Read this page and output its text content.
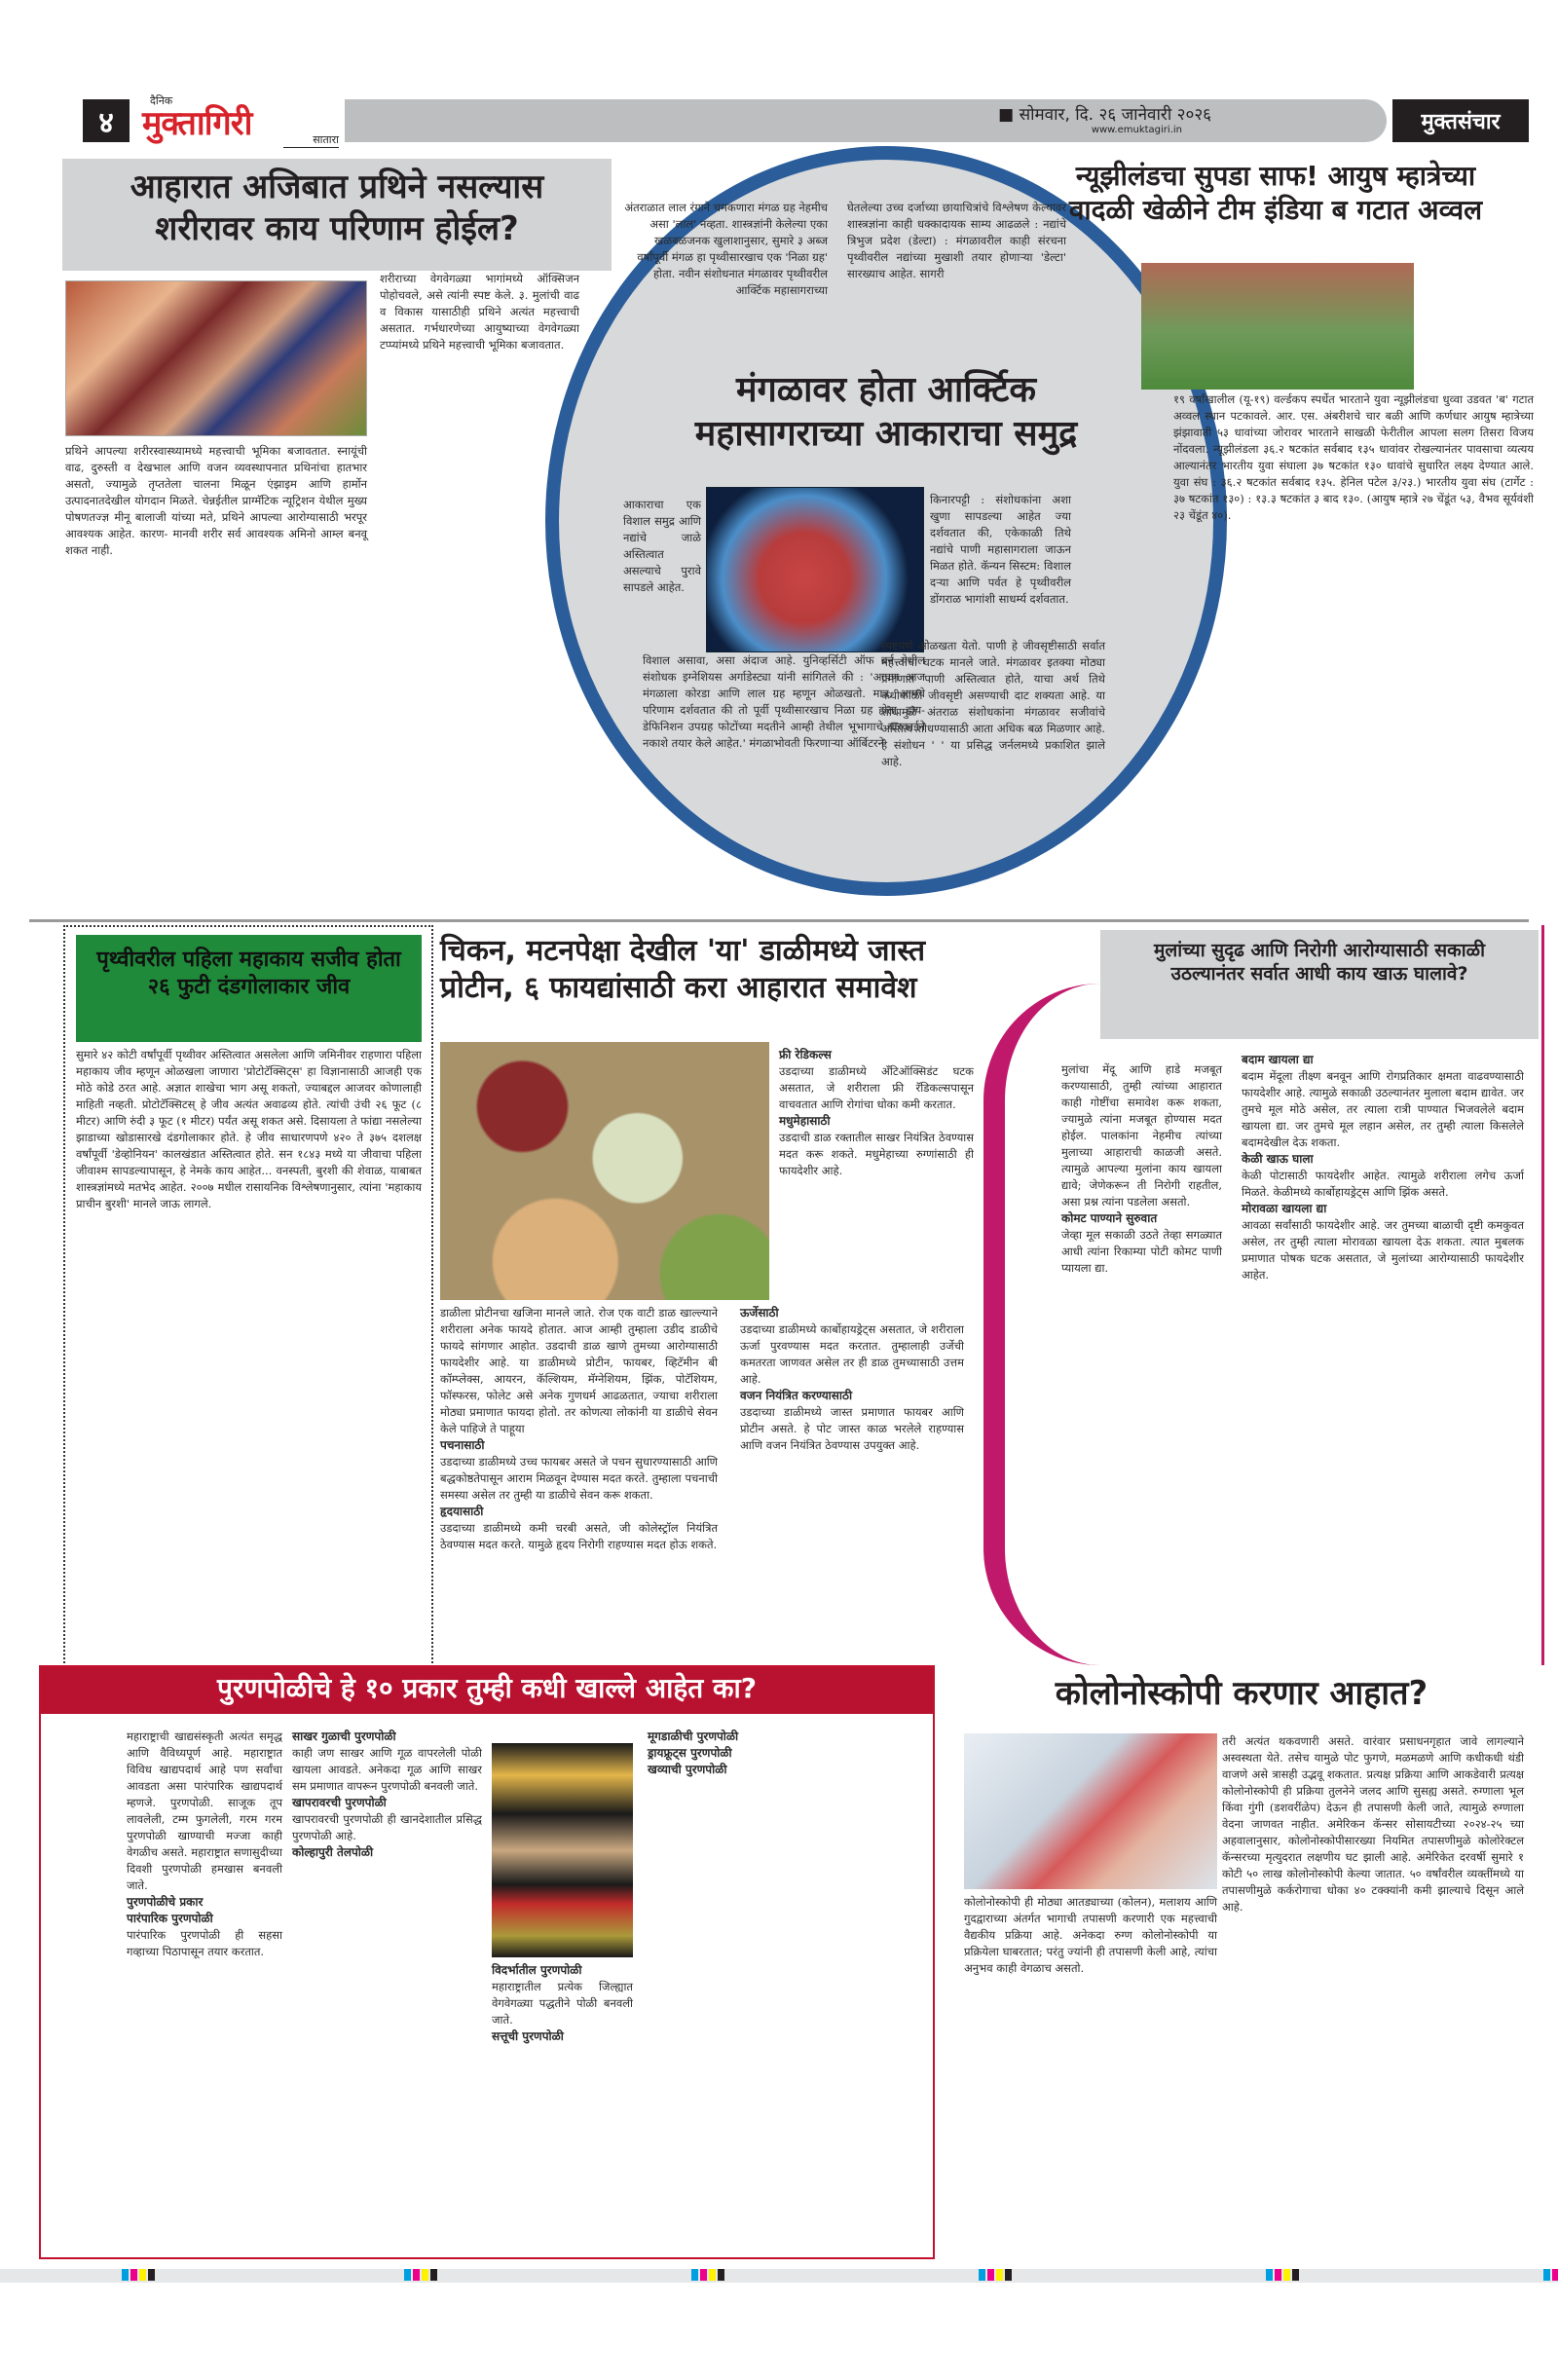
४
दैनिक
मुक्तागिरी	सातारा
■ सोमवार, दि. २६ जानेवारी २०२६
www.emuktagiri.in	मुक्तसंचार
आहारात अजिबात प्रथिने नसल्यास
शरीरावर काय परिणाम होईल?
प्रथिने आपल्या शरीरस्वास्थ्यामध्ये महत्त्वाची भूमिका बजावतात. स्नायूंची वाढ, दुरुस्ती व देखभाल आणि वजन व्यवस्थापनात प्रथिनांचा हातभार असतो, ज्यामुळे तृप्ततेला चालना मिळून एंझाइम आणि हार्मोन उत्पादनातदेखील योगदान मिळते. चेन्नईतील प्राग्मॅटिक न्यूट्रिशन येथील मुख्य पोषणतज्ज्ञ मीनू बालाजी यांच्या मते, प्रथिने आपल्या आरोग्यासाठी भरपूर आवश्यक आहेत. कारण- मानवी शरीर सर्व आवश्यक अमिनो आम्ल बनवू शकत नाही.
शरीराच्या वेगवेगळ्या भागांमध्ये ऑक्सिजन पोहोचवले, असे त्यांनी स्पष्ट केले. ३. मुलांची वाढ व विकास यासाठीही प्रथिने अत्यंत महत्त्वाची असतात. गर्भधारणेच्या आयुष्याच्या वेगवेगळ्या टप्प्यांमध्ये प्रथिने महत्त्वाची भूमिका बजावतात.
अंतराळात लाल रंगाने चमकणारा मंगळ ग्रह नेहमीच असा 'लाल' नव्हता. शास्त्रज्ञांनी केलेल्या एका खळबळजनक खुलाशानुसार, सुमारे ३ अब्ज वर्षांपूर्वी मंगळ हा पृथ्वीसारखाच एक 'निळा ग्रह' होता. नवीन संशोधनात मंगळावर पृथ्वीवरील आर्क्टिक महासागराच्या
घेतलेल्या उच्च दर्जाच्या छायाचित्रांचे विश्लेषण केल्यावर शास्त्रज्ञांना काही धक्कादायक साम्य आढळले : नद्यांचे त्रिभुज प्रदेश (डेल्टा) : मंगळावरील काही संरचना पृथ्वीवरील नद्यांच्या मुखाशी तयार होणाऱ्या 'डेल्टा' सारख्याच आहेत. सागरी
मंगळावर होता आर्क्टिक
महासागराच्या आकाराचा समुद्र
आकाराचा एक विशाल समुद्र आणि नद्यांचे जाळे अस्तित्वात असल्याचे पुरावे सापडले आहेत.
किनारपट्टी : संशोधकांना अशा खुणा सापडल्या आहेत ज्या दर्शवतात की, एकेकाळी तिथे नद्यांचे पाणी महासागराला जाऊन मिळत होते. कॅन्यन सिस्टम: विशाल दऱ्या आणि पर्वत हे पृथ्वीवरील डोंगराळ भागांशी साधर्म्य दर्शवतात.
विशाल असावा, असा अंदाज आहे. युनिव्हर्सिटी ऑफ बर्न येथील संशोधक इग्नेशियस अर्गाडेस्ट्या यांनी सांगितले की : 'आपण आज मंगळाला कोरडा आणि लाल ग्रह म्हणून ओळखतो. मात्र, आमचे परिणाम दर्शवतात की तो पूर्वी पृथ्वीसारखाच निळा ग्रह होता. हाय-डेफिनिशन उपग्रह फोटोंच्या मदतीने आम्ही तेथील भूभागाचे बारकाईने नकाशे तयार केले आहेत.' मंगळाभोवती फिरणाऱ्या ऑर्बिटरने
स्पष्टपणे ओळखता येतो. पाणी हे जीवसृष्टीसाठी सर्वात महत्त्वाचा घटक मानले जाते. मंगळावर इतक्या मोठ्या प्रमाणात पाणी अस्तित्वात होते, याचा अर्थ तिथे कधीकाळी जीवसृष्टी असण्याची दाट शक्यता आहे. या शोधामुळे अंतराळ संशोधकांना मंगळावर सजीवांचे अस्तित्व शोधण्यासाठी आता अधिक बळ मिळणार आहे. हे संशोधन ' ' या प्रसिद्ध जर्नलमध्ये प्रकाशित झाले आहे.
न्यूझीलंडचा सुपडा साफ! आयुष म्हात्रेच्या
वादळी खेळीने टीम इंडिया ब गटात अव्वल
१९ वर्षांखालील (यू-१९) वर्ल्डकप स्पर्धेत भारताने युवा न्यूझीलंडचा धुव्वा उडवत 'ब' गटात अव्वल स्थान पटकावले. आर. एस. अंबरीशचे चार बळी आणि कर्णधार आयुष म्हात्रेच्या झंझावाती ५३ धावांच्या जोरावर भारताने साखळी फेरीतील आपला सलग तिसरा विजय नोंदवला. न्यूझीलंडला ३६.२ षटकांत सर्वबाद १३५ धावांवर रोखल्यानंतर पावसाचा व्यत्यय आल्यानंतर भारतीय युवा संघाला ३७ षटकांत १३० धावांचे सुधारित लक्ष्य देण्यात आले. युवा संघ : ३६.२ षटकांत सर्वबाद १३५. हेनिल पटेल ३/२३.) भारतीय युवा संघ (टार्गेट : ३७ षटकांत १३०) : १३.३ षटकांत ३ बाद १३०. (आयुष म्हात्रे २७ चेंडूंत ५३, वैभव सूर्यवंशी २३ चेंडूंत ४०).
पृथ्वीवरील पहिला महाकाय सजीव होता
२६ फुटी दंडगोलाकार जीव
सुमारे ४२ कोटी वर्षांपूर्वी पृथ्वीवर अस्तित्वात असलेला आणि जमिनीवर राहणारा पहिला महाकाय जीव म्हणून ओळखला जाणारा 'प्रोटोटॅक्सिट्स' हा विज्ञानासाठी आजही एक मोठे कोडे ठरत आहे. अज्ञात शाखेचा भाग असू शकतो, ज्याबद्दल आजवर कोणालाही माहिती नव्हती. प्रोटोटॅक्सिटस् हे जीव अत्यंत अवाढव्य होते. त्यांची उंची २६ फूट (८ मीटर) आणि रुंदी ३ फूट (१ मीटर) पर्यंत असू शकत असे. दिसायला ते फांद्या नसलेल्या झाडाच्या खोडासारखे दंडगोलाकार होते. हे जीव साधारणपणे ४२० ते ३७५ दशलक्ष वर्षांपूर्वी 'डेव्होनियन' कालखंडात अस्तित्वात होते. सन १८४३ मध्ये या जीवाचा पहिला जीवाश्म सापडल्यापासून, हे नेमके काय आहेत... वनस्पती, बुरशी की शेवाळ, याबाबत शास्त्रज्ञांमध्ये मतभेद आहेत. २००७ मधील रासायनिक विश्लेषणानुसार, त्यांना 'महाकाय प्राचीन बुरशी' मानले जाऊ लागले.
चिकन, मटनपेक्षा देखील 'या' डाळीमध्ये जास्त
प्रोटीन, ६ फायद्यांसाठी करा आहारात समावेश
फ्री रेडिकल्स
उडदाच्या डाळीमध्ये अँटिऑक्सिडंट घटक असतात, जे शरीराला फ्री रॅडिकल्सपासून वाचवतात आणि रोगांचा धोका कमी करतात.
मधुमेहासाठी
उडदाची डाळ रक्तातील साखर नियंत्रित ठेवण्यास मदत करू शकते. मधुमेहाच्या रुग्णांसाठी ही फायदेशीर आहे.
डाळीला प्रोटीनचा खजिना मानले जाते. रोज एक वाटी डाळ खाल्ल्याने शरीराला अनेक फायदे होतात. आज आम्ही तुम्हाला उडीद डाळीचे फायदे सांगणार आहोत. उडदाची डाळ खाणे तुमच्या आरोग्यासाठी फायदेशीर आहे. या डाळीमध्ये प्रोटीन, फायबर, व्हिटॅमीन बी कॉम्प्लेक्स, आयरन, कॅल्शियम, मॅग्नेशियम, झिंक, पोटॅशियम, फॉस्फरस, फोलेट असे अनेक गुणधर्म आढळतात, ज्याचा शरीराला मोठ्या प्रमाणात फायदा होतो. तर कोणत्या लोकांनी या डाळीचे सेवन केले पाहिजे ते पाहूया
पचनासाठी
उडदाच्या डाळीमध्ये उच्च फायबर असते जे पचन सुधारण्यासाठी आणि बद्धकोष्ठतेपासून आराम मिळवून देण्यास मदत करते. तुम्हाला पचनाची समस्या असेल तर तुम्ही या डाळीचे सेवन करू शकता.
हृदयासाठी
उडदाच्या डाळीमध्ये कमी चरबी असते, जी कोलेस्ट्रॉल नियंत्रित ठेवण्यास मदत करते. यामुळे हृदय निरोगी राहण्यास मदत होऊ शकते.
ऊर्जेसाठी
उडदाच्या डाळीमध्ये कार्बोहायड्रेट्स असतात, जे शरीराला ऊर्जा पुरवण्यास मदत करतात. तुम्हालाही उर्जेची कमतरता जाणवत असेल तर ही डाळ तुमच्यासाठी उत्तम आहे.
वजन नियंत्रित करण्यासाठी
उडदाच्या डाळीमध्ये जास्त प्रमाणात फायबर आणि प्रोटीन असते. हे पोट जास्त काळ भरलेले राहण्यास आणि वजन नियंत्रित ठेवण्यास उपयुक्त आहे.
मुलांच्या सुदृढ आणि निरोगी आरोग्यासाठी सकाळी
उठल्यानंतर सर्वात आधी काय खाऊ घालावे?
मुलांचा मेंदू आणि हाडे मजबूत करण्यासाठी, तुम्ही त्यांच्या आहारात काही गोष्टींचा समावेश करू शकता, ज्यामुळे त्यांना मजबूत होण्यास मदत होईल. पालकांना नेहमीच त्यांच्या मुलाच्या आहाराची काळजी असते. त्यामुळे आपल्या मुलांना काय खायला द्यावे; जेणेकरून ती निरोगी राहतील, असा प्रश्न त्यांना पडलेला असतो.
कोमट पाण्याने सुरुवात
जेव्हा मूल सकाळी उठते तेव्हा सगळ्यात आधी त्यांना रिकाम्या पोटी कोमट पाणी प्यायला द्या.
बदाम खायला द्या
बदाम मेंदूला तीक्ष्ण बनवून आणि रोगप्रतिकार क्षमता वाढवण्यासाठी फायदेशीर आहे. त्यामुळे सकाळी उठल्यानंतर मुलाला बदाम द्यावेत. जर तुमचे मूल मोठे असेल, तर त्याला रात्री पाण्यात भिजवलेले बदाम खायला द्या. जर तुमचे मूल लहान असेल, तर तुम्ही त्याला किसलेले बदामदेखील देऊ शकता.
केळी खाऊ घाला
केळी पोटासाठी फायदेशीर आहेत. त्यामुळे शरीराला लगेच ऊर्जा मिळते. केळीमध्ये कार्बोहायड्रेट्स आणि झिंक असते.
मोरावळा खायला द्या
आवळा सर्वांसाठी फायदेशीर आहे. जर तुमच्या बाळाची दृष्टी कमकुवत असेल, तर तुम्ही त्याला मोरावळा खायला देऊ शकता. त्यात मुबलक प्रमाणात पोषक घटक असतात, जे मुलांच्या आरोग्यासाठी फायदेशीर आहेत.
पुरणपोळीचे हे १० प्रकार तुम्ही कधी खाल्ले आहेत का?
महाराष्ट्राची खाद्यसंस्कृती अत्यंत समृद्ध आणि वैविध्यपूर्ण आहे. महाराष्ट्रात विविध खाद्यपदार्थ आहे पण सर्वांचा आवडता असा पारंपारिक खाद्यपदार्थ म्हणजे. पुरणपोळी. साजूक तूप लावलेली, टम्म फुगलेली, गरम गरम पुरणपोळी खाण्याची मज्जा काही वेगळीच असते. महाराष्ट्रात सणासुदीच्या दिवशी पुरणपोळी हमखास बनवली जाते.
पुरणपोळीचे प्रकार
पारंपारिक पुरणपोळी
पारंपारिक पुरणपोळी ही सहसा गव्हाच्या पिठापासून तयार करतात.
साखर गुळाची पुरणपोळी
काही जण साखर आणि गूळ वापरलेली पोळी खायला आवडते. अनेकदा गूळ आणि साखर सम प्रमाणात वापरून पुरणपोळी बनवली जाते.
खापरावरची पुरणपोळी
खापरावरची पुरणपोळी ही खानदेशातील प्रसिद्ध पुरणपोळी आहे.
कोल्हापुरी तेलपोळी
विदर्भातील पुरणपोळी
महाराष्ट्रातील प्रत्येक जिल्ह्यात वेगवेगळ्या पद्धतीने पोळी बनवली जाते.
सत्तूची पुरणपोळी
मूगडाळीची पुरणपोळी
ड्रायफ्रूट्स पुरणपोळी
खव्याची पुरणपोळी
कोलोनोस्कोपी करणार आहात?
कोलोनोस्कोपी ही मोठ्या आतड्याच्या (कोलन), मलाशय आणि गुदद्वाराच्या अंतर्गत भागाची तपासणी करणारी एक महत्त्वाची वैद्यकीय प्रक्रिया आहे. अनेकदा रुग्ण कोलोनोस्कोपी या प्रक्रियेला घाबरतात; परंतु ज्यांनी ही तपासणी केली आहे, त्यांचा अनुभव काही वेगळाच असतो.
तरी अत्यंत थकवणारी असते. वारंवार प्रसाधनगृहात जावे लागल्याने अस्वस्थता येते. तसेच यामुळे पोट फुगणे, मळमळणे आणि कधीकधी थंडी वाजणे असे त्रासही उद्भवू शकतात. प्रत्यक्ष प्रक्रिया आणि आकडेवारी प्रत्यक्ष कोलोनोस्कोपी ही प्रक्रिया तुलनेने जलद आणि सुसह्य असते. रुग्णाला भूल किंवा गुंगी (डशवरींळेप) देऊन ही तपासणी केली जाते, त्यामुळे रुग्णाला वेदना जाणवत नाहीत. अमेरिकन कॅन्सर सोसायटीच्या २०२४-२५ च्या अहवालानुसार, कोलोनोस्कोपीसारख्या नियमित तपासणीमुळे कोलोरेक्टल कॅन्सरच्या मृत्युदरात लक्षणीय घट झाली आहे. अमेरिकेत दरवर्षी सुमारे १ कोटी ५० लाख कोलोनोस्कोपी केल्या जातात. ५० वर्षांवरील व्यक्तींमध्ये या तपासणीमुळे कर्करोगाचा धोका ४० टक्क्यांनी कमी झाल्याचे दिसून आले आहे.
